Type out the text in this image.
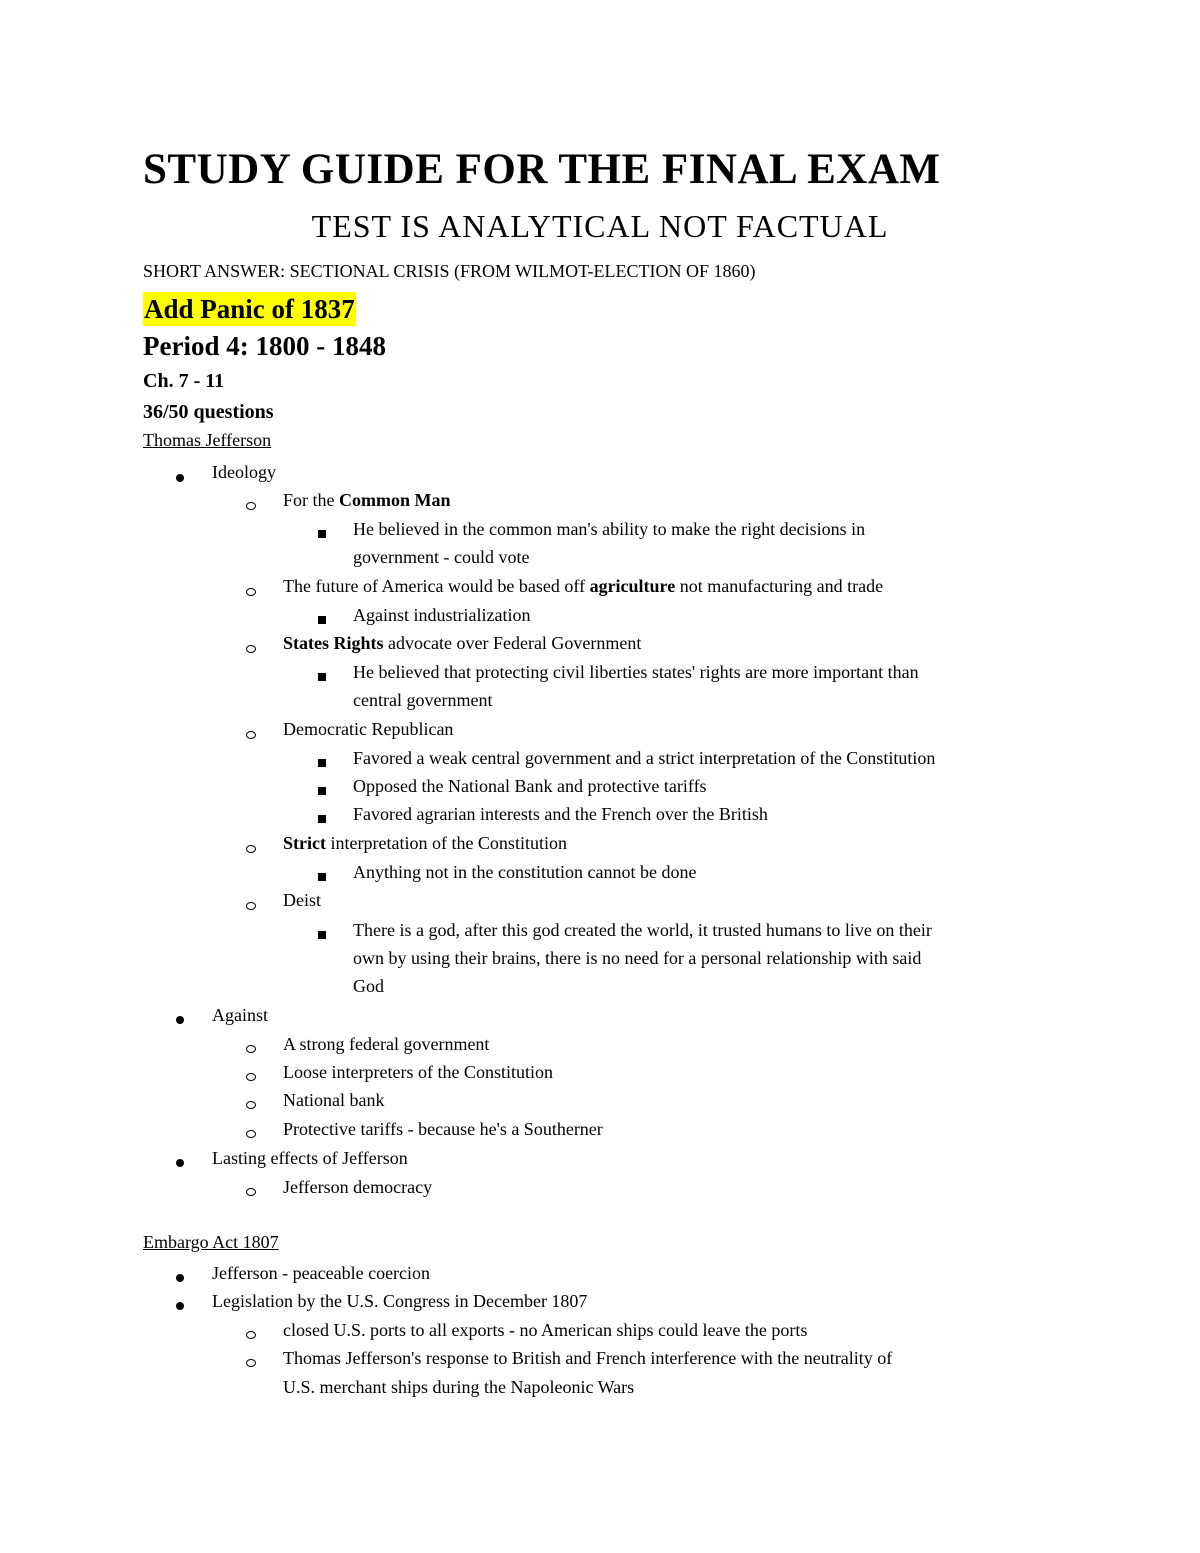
STUDY GUIDE FOR THE FINAL EXAM
TEST IS ANALYTICAL NOT FACTUAL
SHORT ANSWER: SECTIONAL CRISIS (FROM WILMOT-ELECTION OF 1860)
Add Panic of 1837
Period 4: 1800 - 1848
Ch. 7 - 11
36/50 questions
Thomas Jefferson
Ideology
For the Common Man
He believed in the common man's ability to make the right decisions in
government - could vote
The future of America would be based off agriculture not manufacturing and trade
Against industrialization
States Rights advocate over Federal Government
He believed that protecting civil liberties states' rights are more important than
central government
Democratic Republican
Favored a weak central government and a strict interpretation of the Constitution
Opposed the National Bank and protective tariffs
Favored agrarian interests and the French over the British
Strict interpretation of the Constitution
Anything not in the constitution cannot be done
Deist
There is a god, after this god created the world, it trusted humans to live on their
own by using their brains, there is no need for a personal relationship with said
God
Against
A strong federal government
Loose interpreters of the Constitution
National bank
Protective tariffs - because he's a Southerner
Lasting effects of Jefferson
Jefferson democracy
Embargo Act 1807
Jefferson - peaceable coercion
Legislation by the U.S. Congress in December 1807
closed U.S. ports to all exports - no American ships could leave the ports
Thomas Jefferson's response to British and French interference with the neutrality of
U.S. merchant ships during the Napoleonic Wars
